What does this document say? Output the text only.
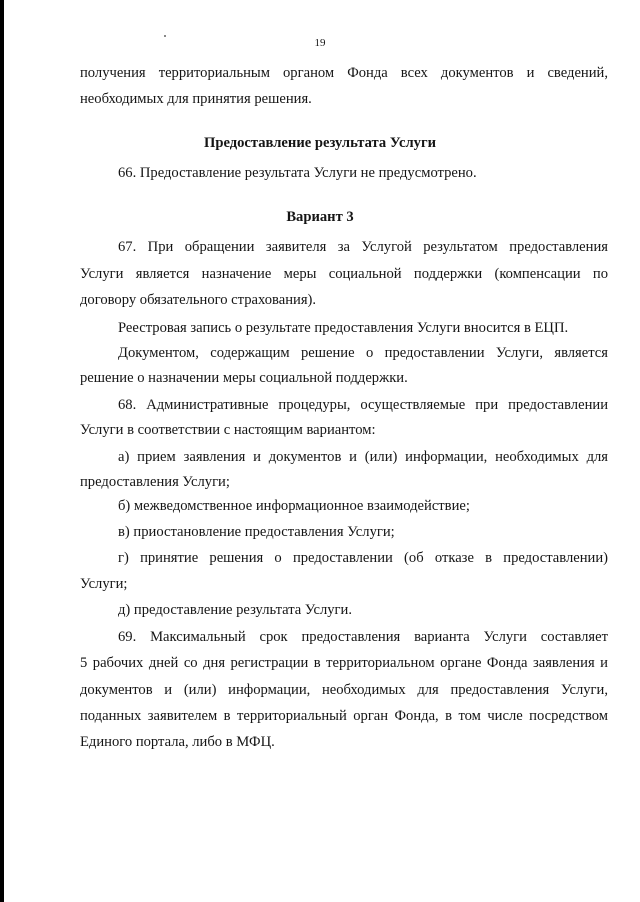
19
получения территориальным органом Фонда всех документов и сведений,
необходимых для принятия решения.
Предоставление результата Услуги
66. Предоставление результата Услуги не предусмотрено.
Вариант 3
67. При обращении заявителя за Услугой результатом предоставления
Услуги является назначение меры социальной поддержки (компенсации по
договору обязательного страхования).
Реестровая запись о результате предоставления Услуги вносится в ЕЦП.
Документом, содержащим решение о предоставлении Услуги, является
решение о назначении меры социальной поддержки.
68. Административные процедуры, осуществляемые при предоставлении
Услуги в соответствии с настоящим вариантом:
а) прием заявления и документов и (или) информации, необходимых для
предоставления Услуги;
б) межведомственное информационное взаимодействие;
в) приостановление предоставления Услуги;
г) принятие решения о предоставлении (об отказе в предоставлении)
Услуги;
д) предоставление результата Услуги.
69. Максимальный срок предоставления варианта Услуги составляет
5 рабочих дней со дня регистрации в территориальном органе Фонда заявления и
документов и (или) информации, необходимых для предоставления Услуги,
поданных заявителем в территориальный орган Фонда, в том числе посредством
Единого портала, либо в МФЦ.
